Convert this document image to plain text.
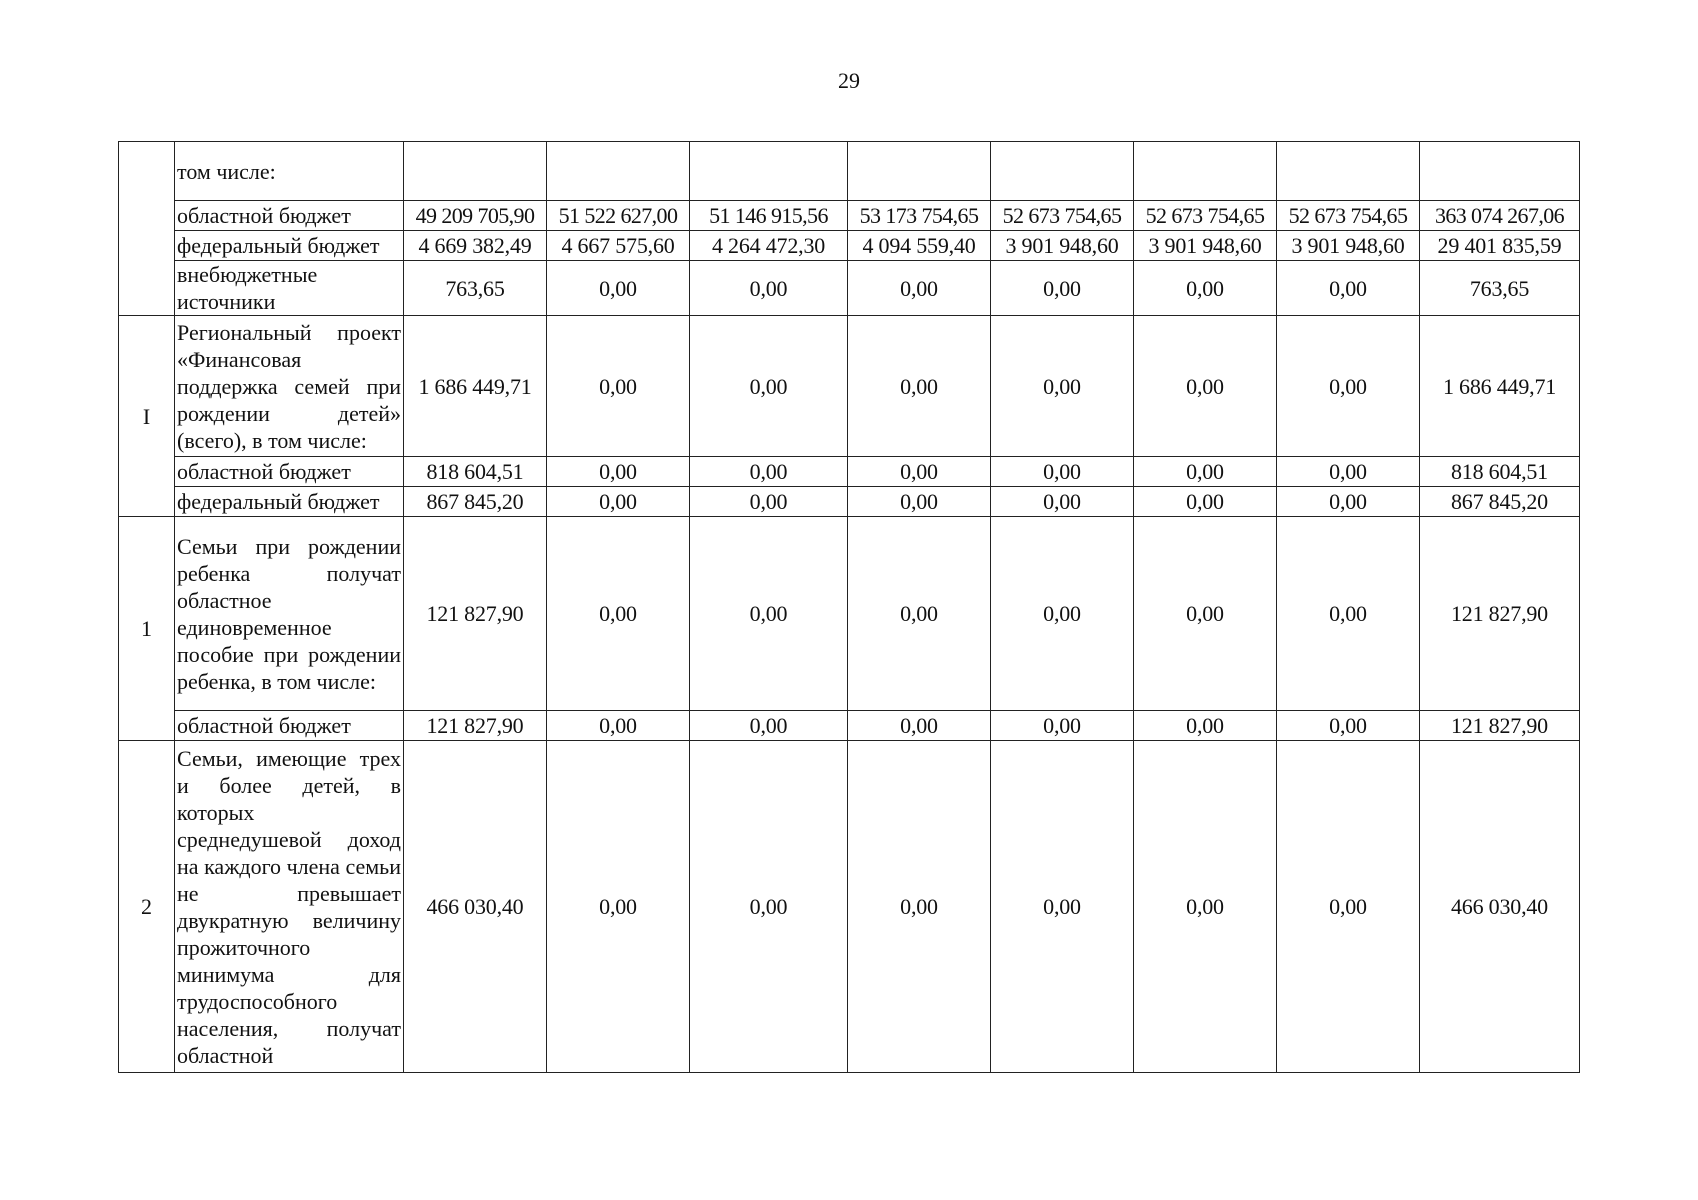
29
	том числе:								
	областной бюджет	49 209 705,90	51 522 627,00	51 146 915,56	53 173 754,65	52 673 754,65	52 673 754,65	52 673 754,65	363 074 267,06
	федеральный бюджет	4 669 382,49	4 667 575,60	4 264 472,30	4 094 559,40	3 901 948,60	3 901 948,60	3 901 948,60	29 401 835,59
	внебюджетные источники	763,65	0,00	0,00	0,00	0,00	0,00	0,00	763,65
I	Региональный проект «Финансовая поддержка семей при рождении детей» (всего), в том числе:	1 686 449,71	0,00	0,00	0,00	0,00	0,00	0,00	1 686 449,71
	областной бюджет	818 604,51	0,00	0,00	0,00	0,00	0,00	0,00	818 604,51
	федеральный бюджет	867 845,20	0,00	0,00	0,00	0,00	0,00	0,00	867 845,20
1	Семьи при рождении ребенка получат областное единовременное пособие при рождении ребенка, в том числе:	121 827,90	0,00	0,00	0,00	0,00	0,00	0,00	121 827,90
	областной бюджет	121 827,90	0,00	0,00	0,00	0,00	0,00	0,00	121 827,90
2	Семьи, имеющие трех и более детей, в которых среднедушевой доход на каждого члена семьи не превышает двукратную величину прожиточного минимума для трудоспособного населения, получат областной	466 030,40	0,00	0,00	0,00	0,00	0,00	0,00	466 030,40
